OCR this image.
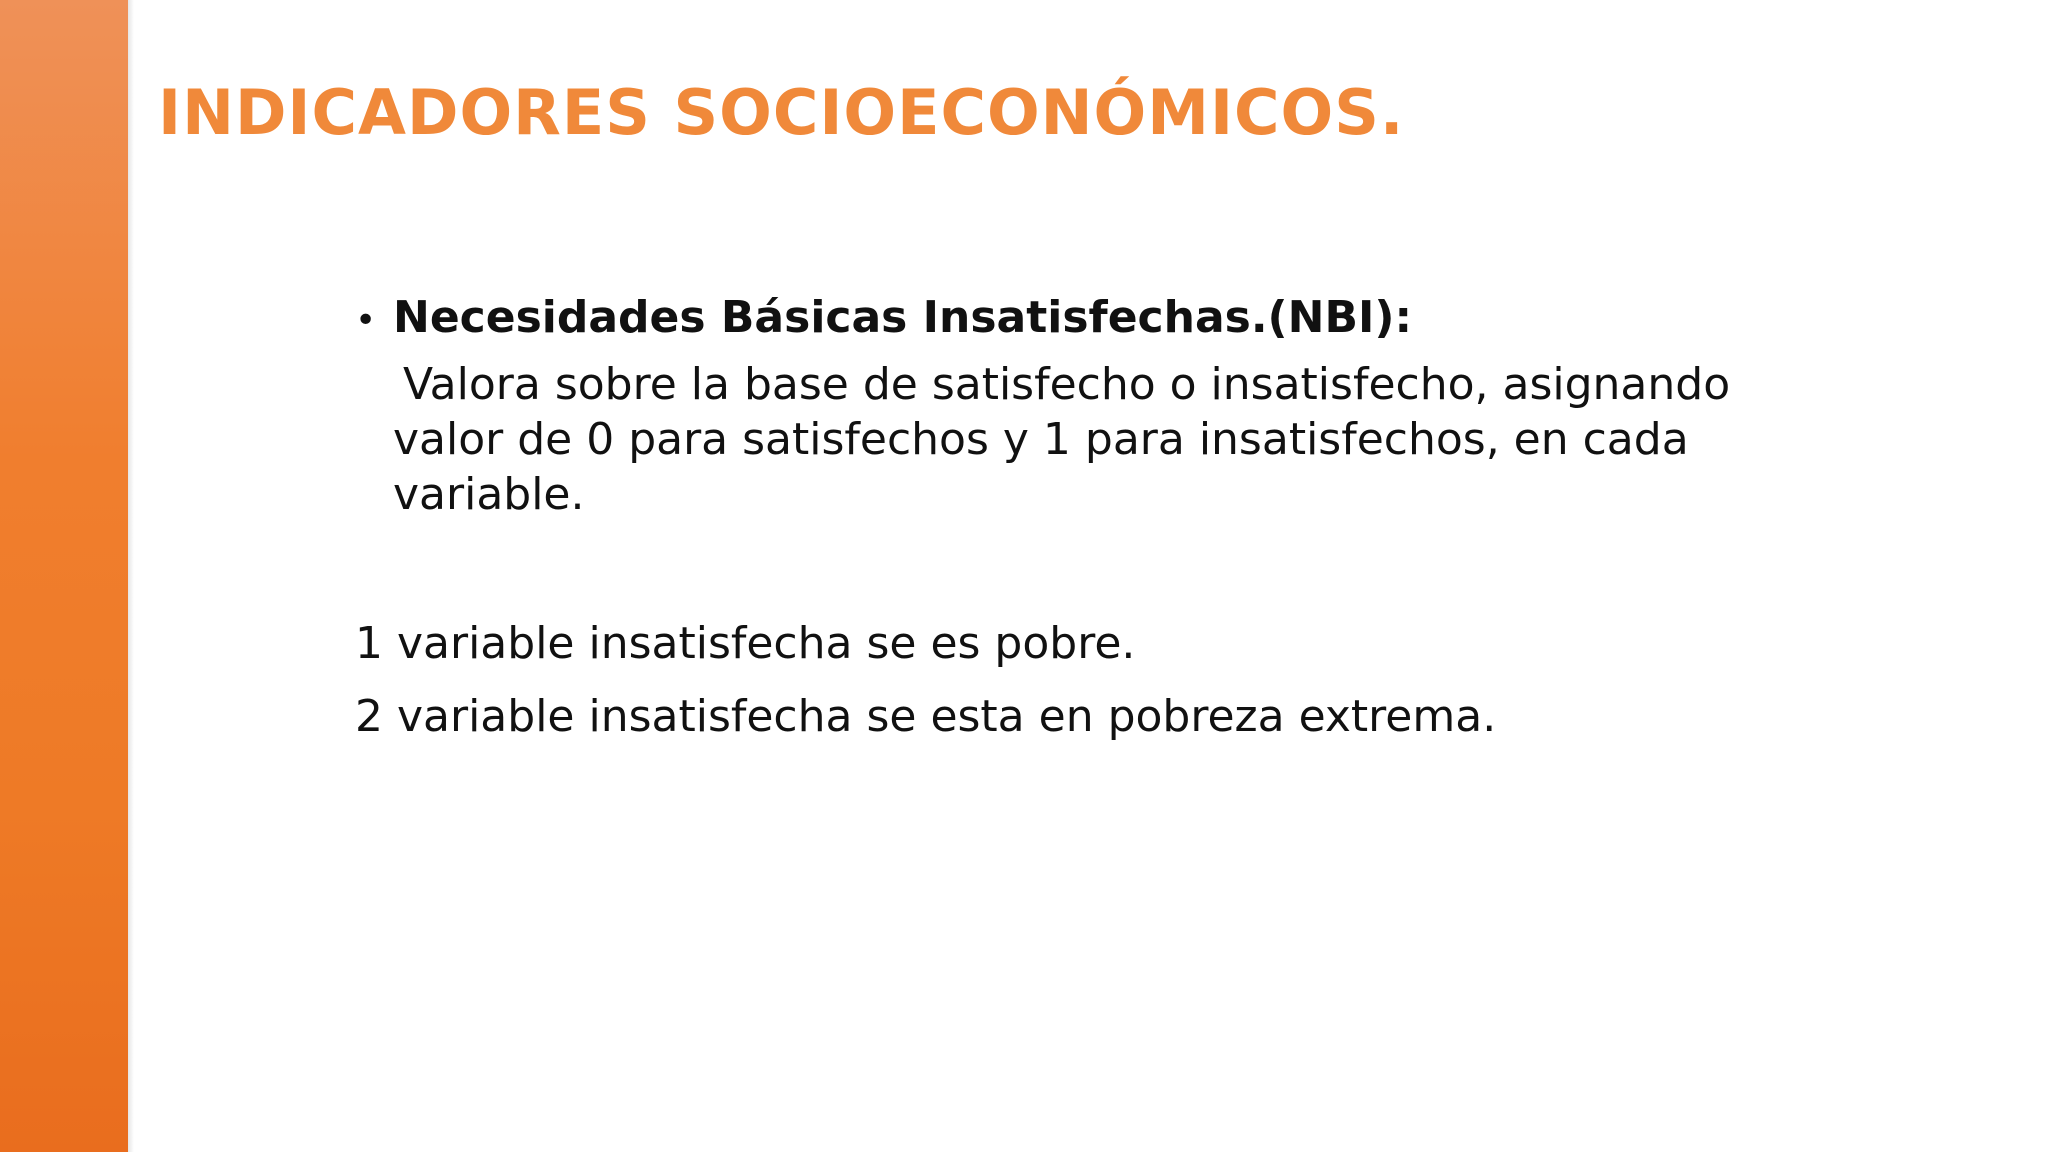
INDICADORES SOCIOECONÓMICOS.
• Necesidades Básicas Insatisfechas.(NBI):

Valora sobre la base de satisfecho o insatisfecho, asignando valor de 0 para satisfechos y 1 para insatisfechos, en cada variable.

1 variable insatisfecha se es pobre.

2 variable insatisfecha se esta en pobreza extrema.
